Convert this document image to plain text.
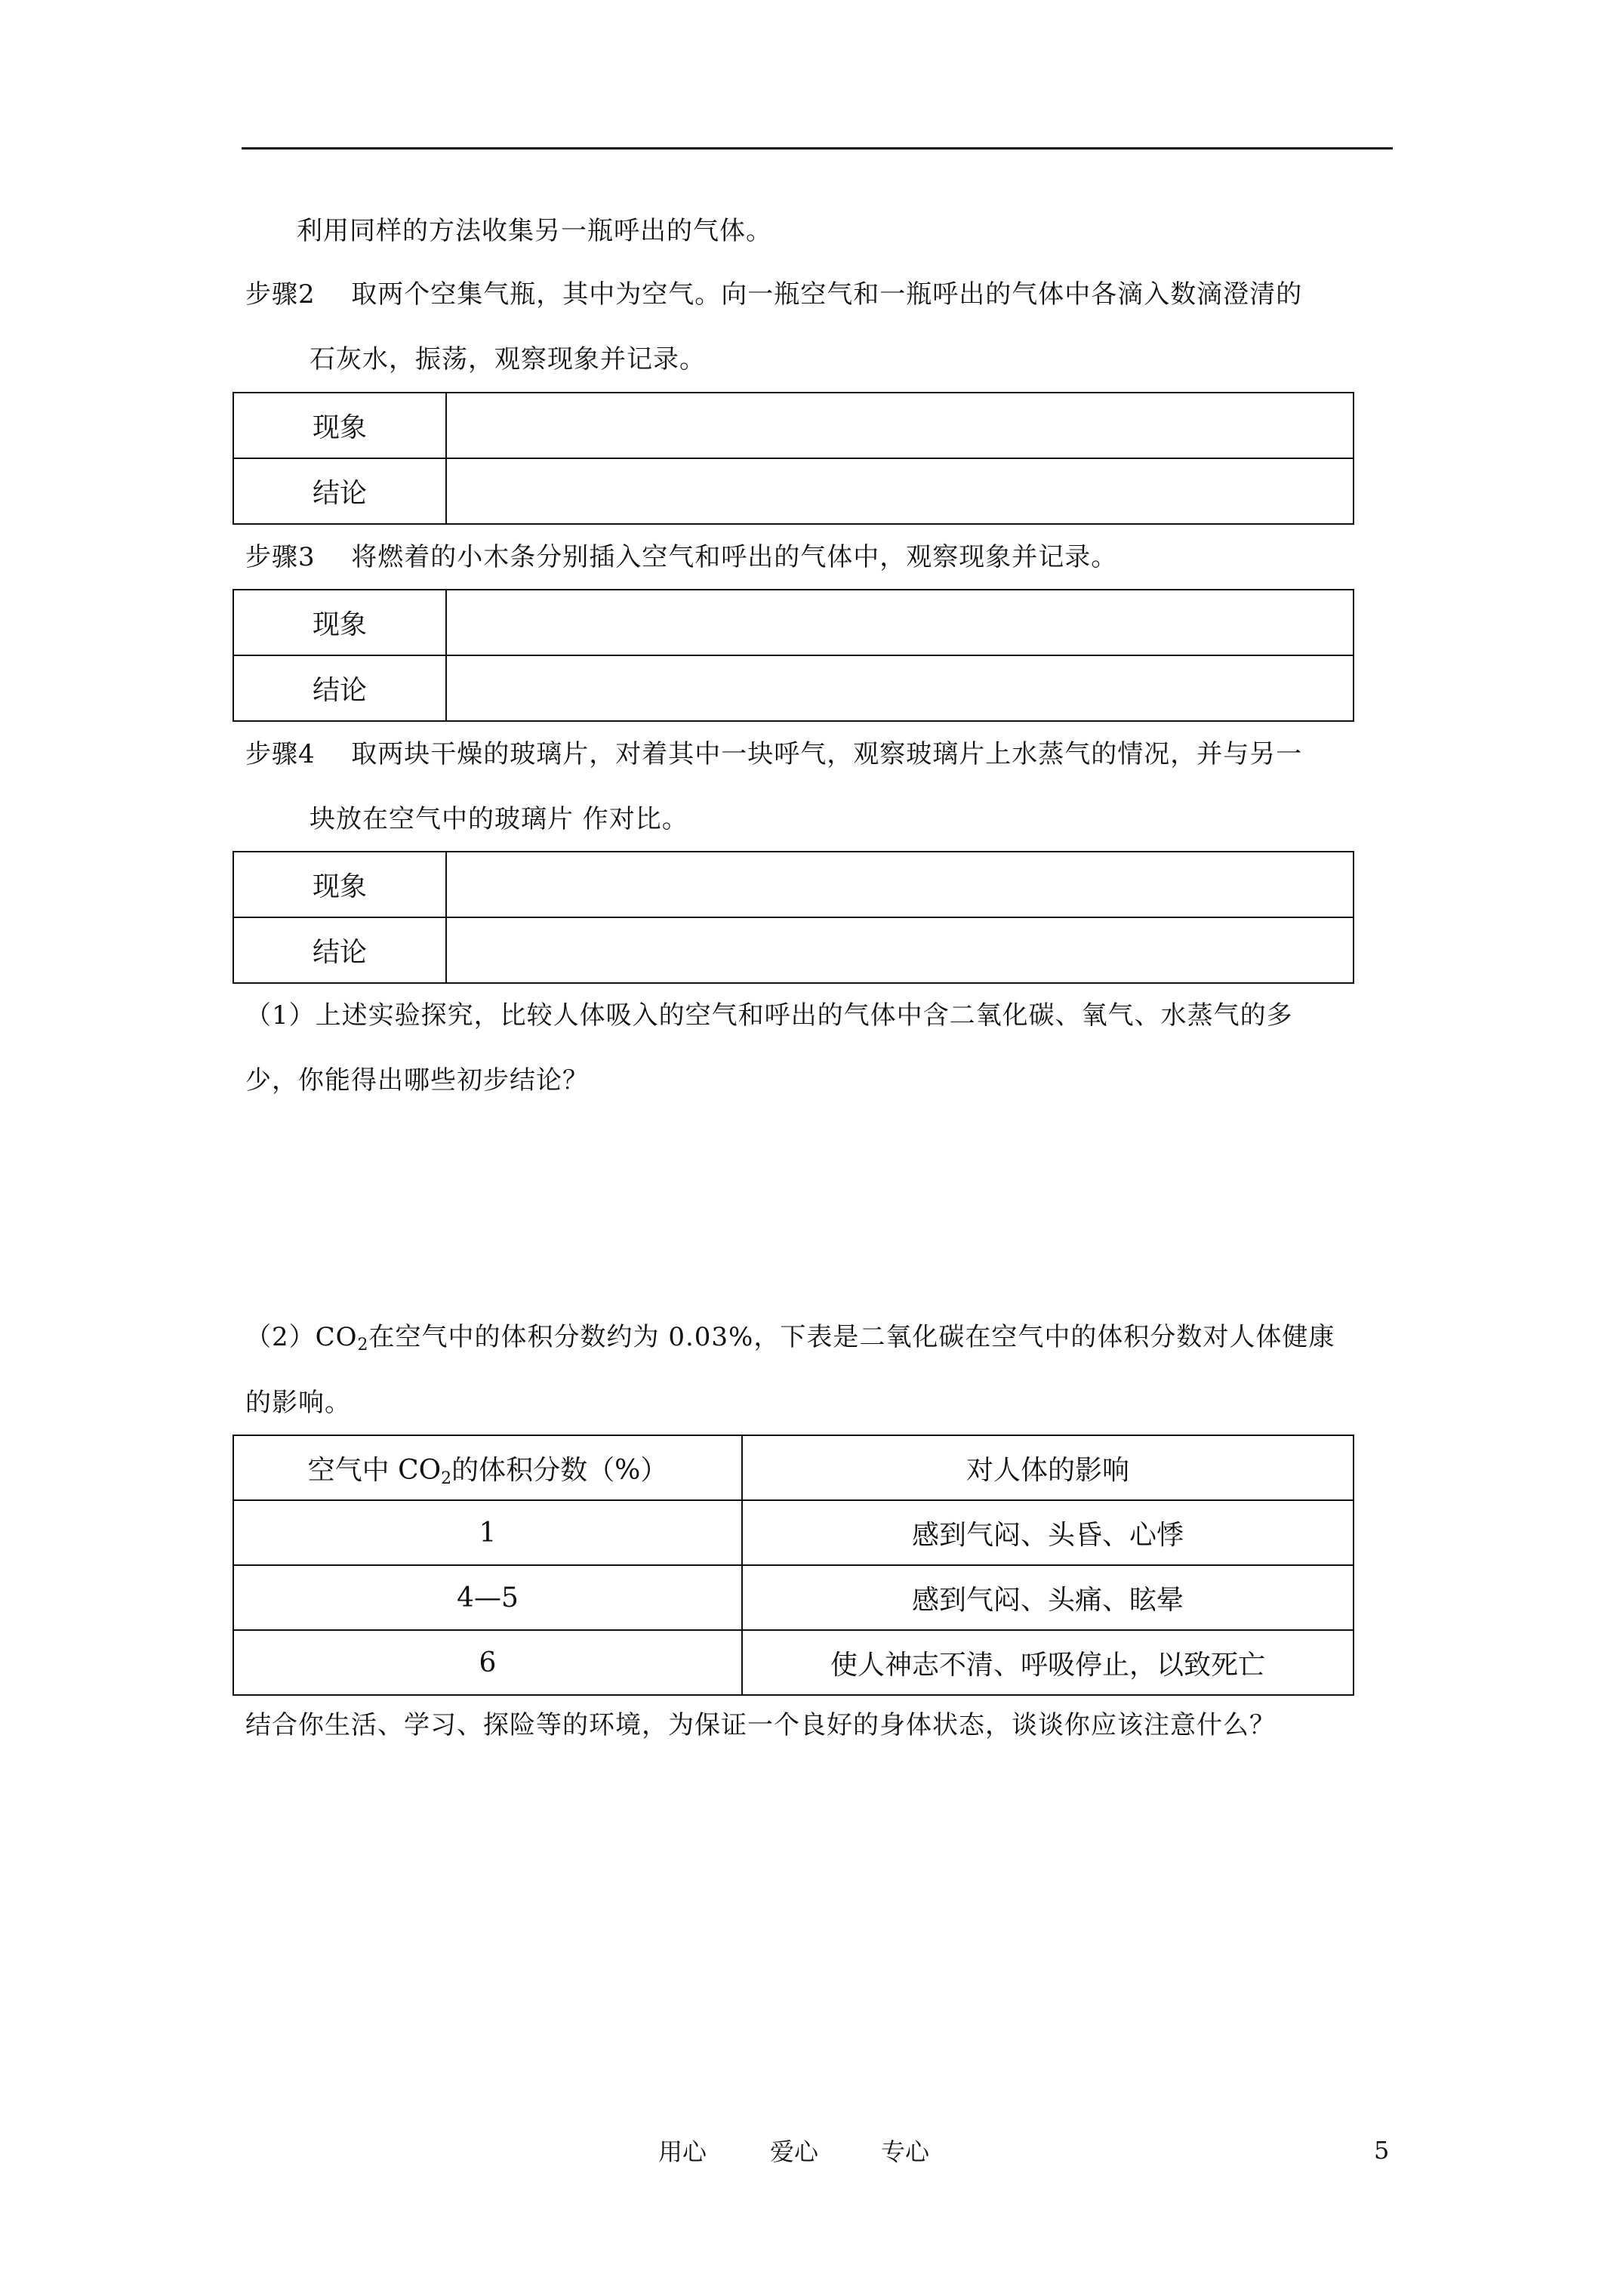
利用同样的方法收集另一瓶呼出的气体。
步骤2 取两个空集气瓶，其中为空气。向一瓶空气和一瓶呼出的气体中各滴入数滴澄清的
石灰水，振荡，观察现象并记录。
现象	
结论	
步骤3 将燃着的小木条分别插入空气和呼出的气体中，观察现象并记录。
现象	
结论	
步骤4 取两块干燥的玻璃片，对着其中一块呼气，观察玻璃片上水蒸气的情况，并与另一
块放在空气中的玻璃片 作对比。
现象	
结论	
（1）上述实验探究，比较人体吸入的空气和呼出的气体中含二氧化碳、氧气、水蒸气的多
少，你能得出哪些初步结论？
$(2)CO_2$在空气中的体积分数约为 0.03%，下表是二氧化碳在空气中的体积分数对人体健康
的影响。
空气中 $CO_2$的体积分数（%）	对人体的影响
1	感到气闷、头昏、心悸
4—5	感到气闷、头痛、眩晕
6	使人神志不清、呼吸停止，以致死亡
结合你生活、学习、探险等的环境，为保证一个良好的身体状态，谈谈你应该注意什么？
用心	爱心	专心	5
